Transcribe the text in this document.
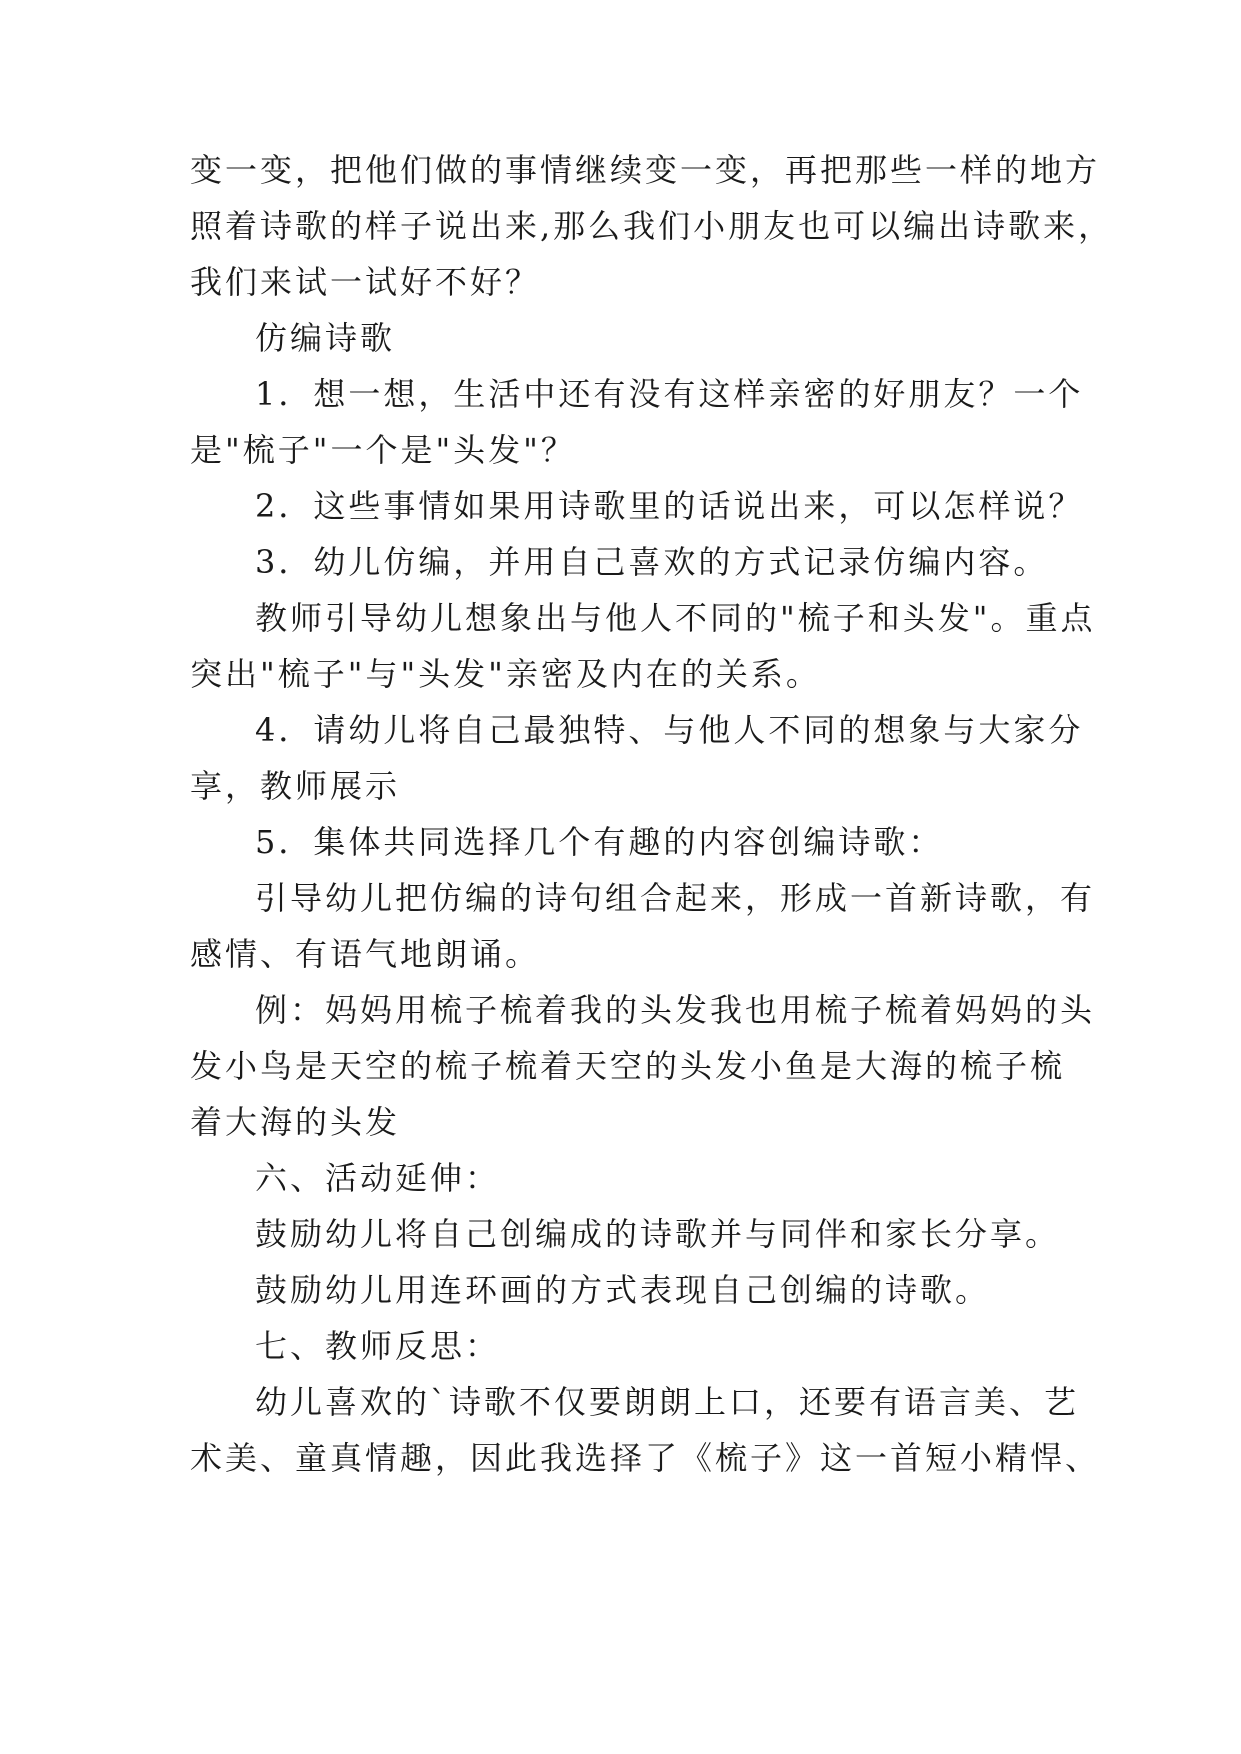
变一变，把他们做的事情继续变一变，再把那些一样的地方
照着诗歌的样子说出来,那么我们小朋友也可以编出诗歌来，
我们来试一试好不好？
仿编诗歌
1．想一想，生活中还有没有这样亲密的好朋友？一个
是"梳子"一个是"头发"？
2．这些事情如果用诗歌里的话说出来，可以怎样说？
3．幼儿仿编，并用自己喜欢的方式记录仿编内容。
教师引导幼儿想象出与他人不同的"梳子和头发"。重点
突出"梳子"与"头发"亲密及内在的关系。
4．请幼儿将自己最独特、与他人不同的想象与大家分
享，教师展示
5．集体共同选择几个有趣的内容创编诗歌：
引导幼儿把仿编的诗句组合起来，形成一首新诗歌，有
感情、有语气地朗诵。
例：妈妈用梳子梳着我的头发我也用梳子梳着妈妈的头
发小鸟是天空的梳子梳着天空的头发小鱼是大海的梳子梳
着大海的头发
六、活动延伸：
鼓励幼儿将自己创编成的诗歌并与同伴和家长分享。
鼓励幼儿用连环画的方式表现自己创编的诗歌。
七、教师反思：
幼儿喜欢的`诗歌不仅要朗朗上口，还要有语言美、艺
术美、童真情趣，因此我选择了《梳子》这一首短小精悍、
